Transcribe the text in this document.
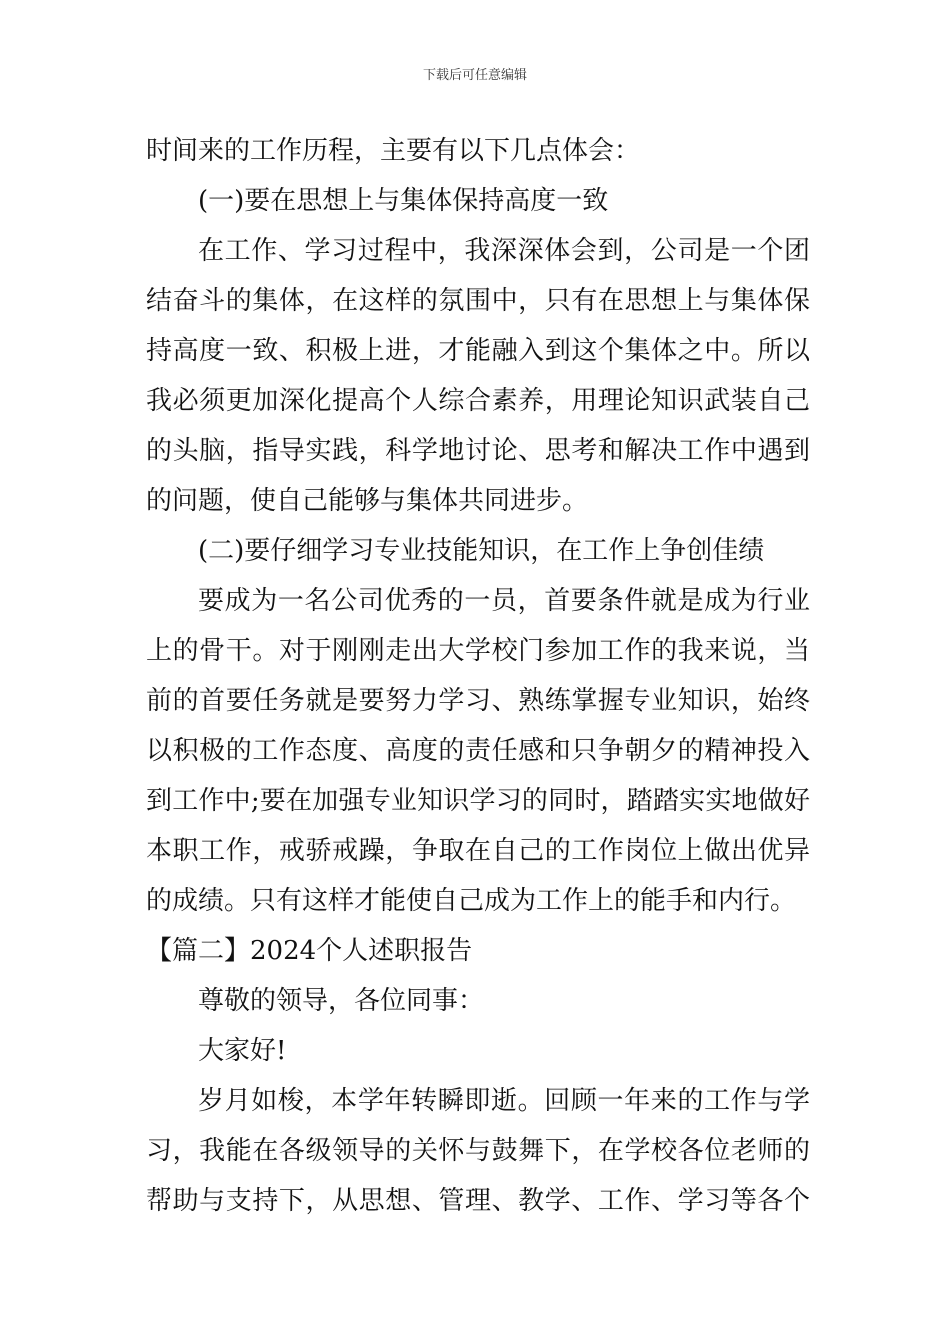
下载后可任意编辑
时间来的工作历程，主要有以下几点体会：
(一)要在思想上与集体保持高度一致
在工作、学习过程中，我深深体会到，公司是一个团
结奋斗的集体，在这样的氛围中，只有在思想上与集体保
持高度一致、积极上进，才能融入到这个集体之中。所以
我必须更加深化提高个人综合素养，用理论知识武装自己
的头脑，指导实践，科学地讨论、思考和解决工作中遇到
的问题，使自己能够与集体共同进步。
(二)要仔细学习专业技能知识，在工作上争创佳绩
要成为一名公司优秀的一员，首要条件就是成为行业
上的骨干。对于刚刚走出大学校门参加工作的我来说，当
前的首要任务就是要努力学习、熟练掌握专业知识，始终
以积极的工作态度、高度的责任感和只争朝夕的精神投入
到工作中;要在加强专业知识学习的同时，踏踏实实地做好
本职工作，戒骄戒躁，争取在自己的工作岗位上做出优异
的成绩。只有这样才能使自己成为工作上的能手和内行。
【篇二】2024个人述职报告
尊敬的领导，各位同事：
大家好!
岁月如梭，本学年转瞬即逝。回顾一年来的工作与学
习，我能在各级领导的关怀与鼓舞下，在学校各位老师的
帮助与支持下，从思想、管理、教学、工作、学习等各个
